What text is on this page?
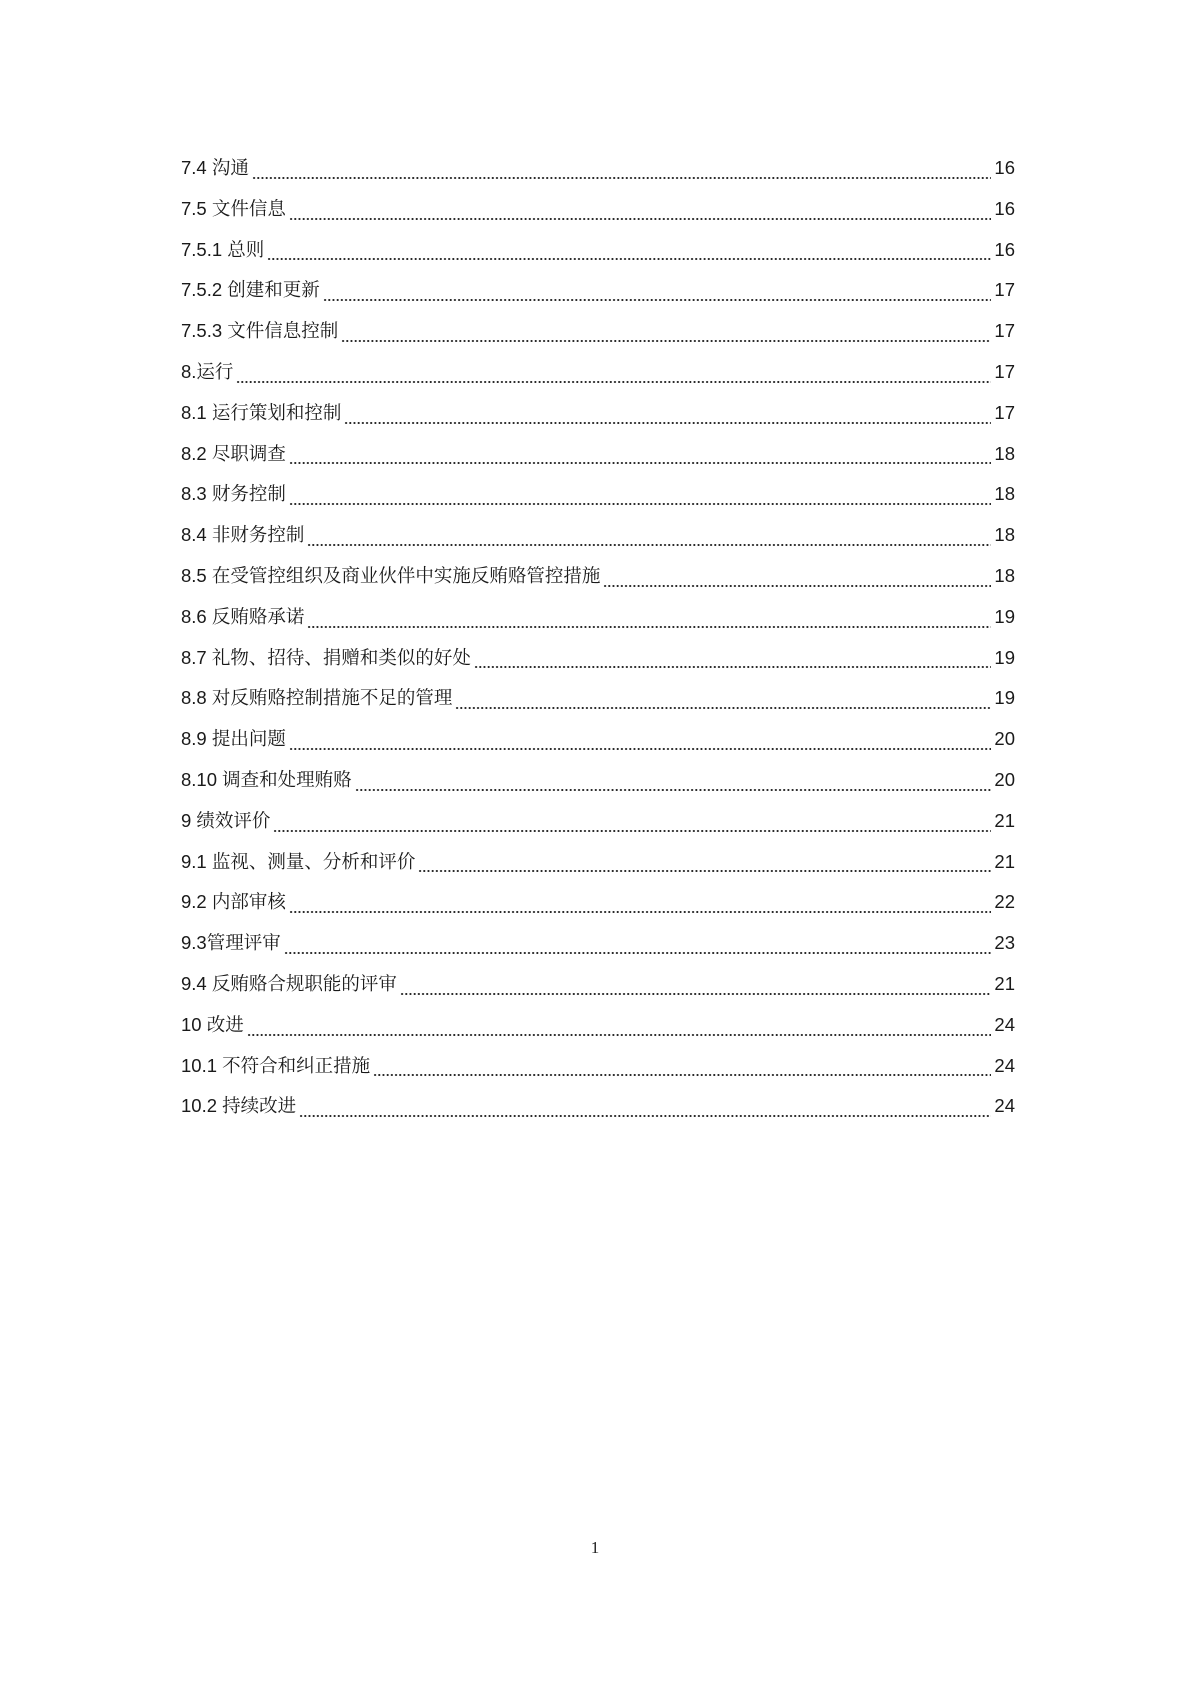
7.4 沟通	16
7.5 文件信息	16
7.5.1 总则	16
7.5.2 创建和更新	17
7.5.3 文件信息控制	17
8.运行	17
8.1 运行策划和控制	17
8.2 尽职调查	18
8.3 财务控制	18
8.4 非财务控制	18
8.5 在受管控组织及商业伙伴中实施反贿赂管控措施	18
8.6 反贿赂承诺	19
8.7 礼物、招待、捐赠和类似的好处	19
8.8 对反贿赂控制措施不足的管理	19
8.9 提出问题	20
8.10 调查和处理贿赂	20
9 绩效评价	21
9.1 监视、测量、分析和评价	21
9.2 内部审核	22
9.3管理评审	23
9.4 反贿赂合规职能的评审	21
10 改进	24
10.1 不符合和纠正措施	24
10.2 持续改进	24
1
